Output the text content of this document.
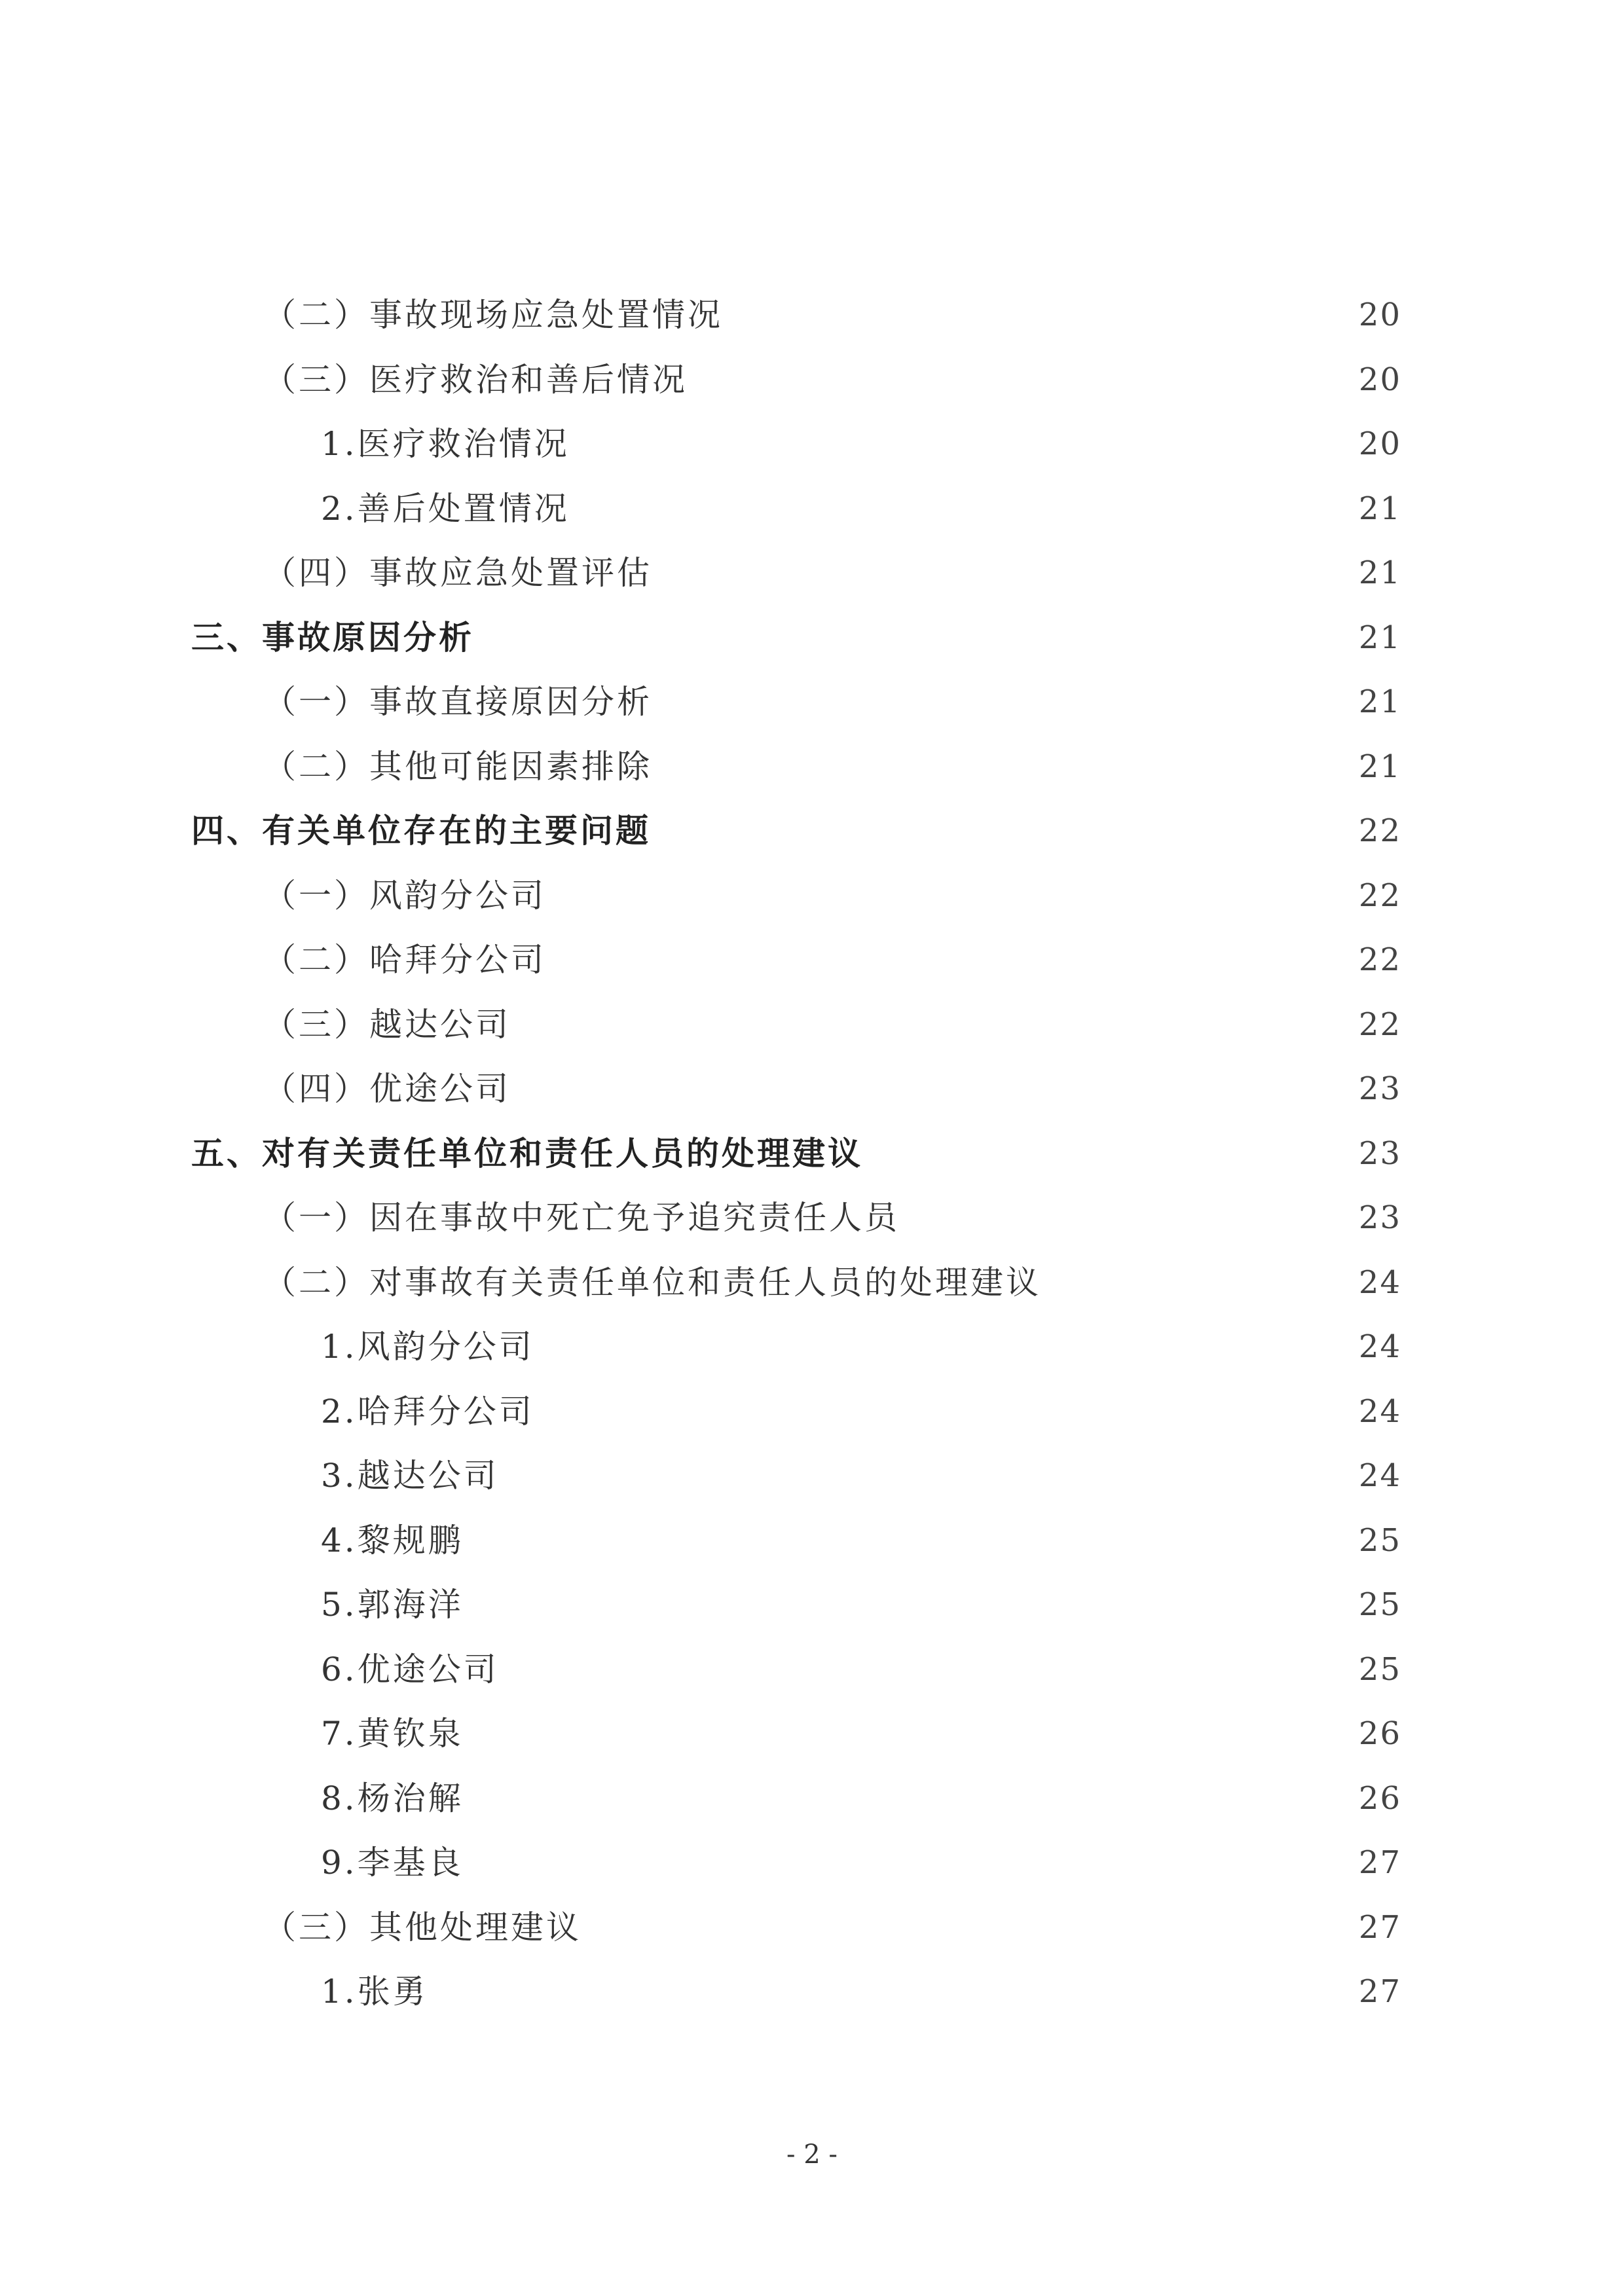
（二）事故现场应急处置情况	20
（三）医疗救治和善后情况	20
1.医疗救治情况	20
2.善后处置情况	21
（四）事故应急处置评估	21
三、事故原因分析	21
（一）事故直接原因分析	21
（二）其他可能因素排除	21
四、有关单位存在的主要问题	22
（一）风韵分公司	22
（二）哈拜分公司	22
（三）越达公司	22
（四）优途公司	23
五、对有关责任单位和责任人员的处理建议	23
（一）因在事故中死亡免予追究责任人员	23
（二）对事故有关责任单位和责任人员的处理建议	24
1.风韵分公司	24
2.哈拜分公司	24
3.越达公司	24
4.黎规鹏	25
5.郭海洋	25
6.优途公司	25
7.黄钦泉	26
8.杨治解	26
9.李基良	27
（三）其他处理建议	27
1.张勇	27
- 2 -
